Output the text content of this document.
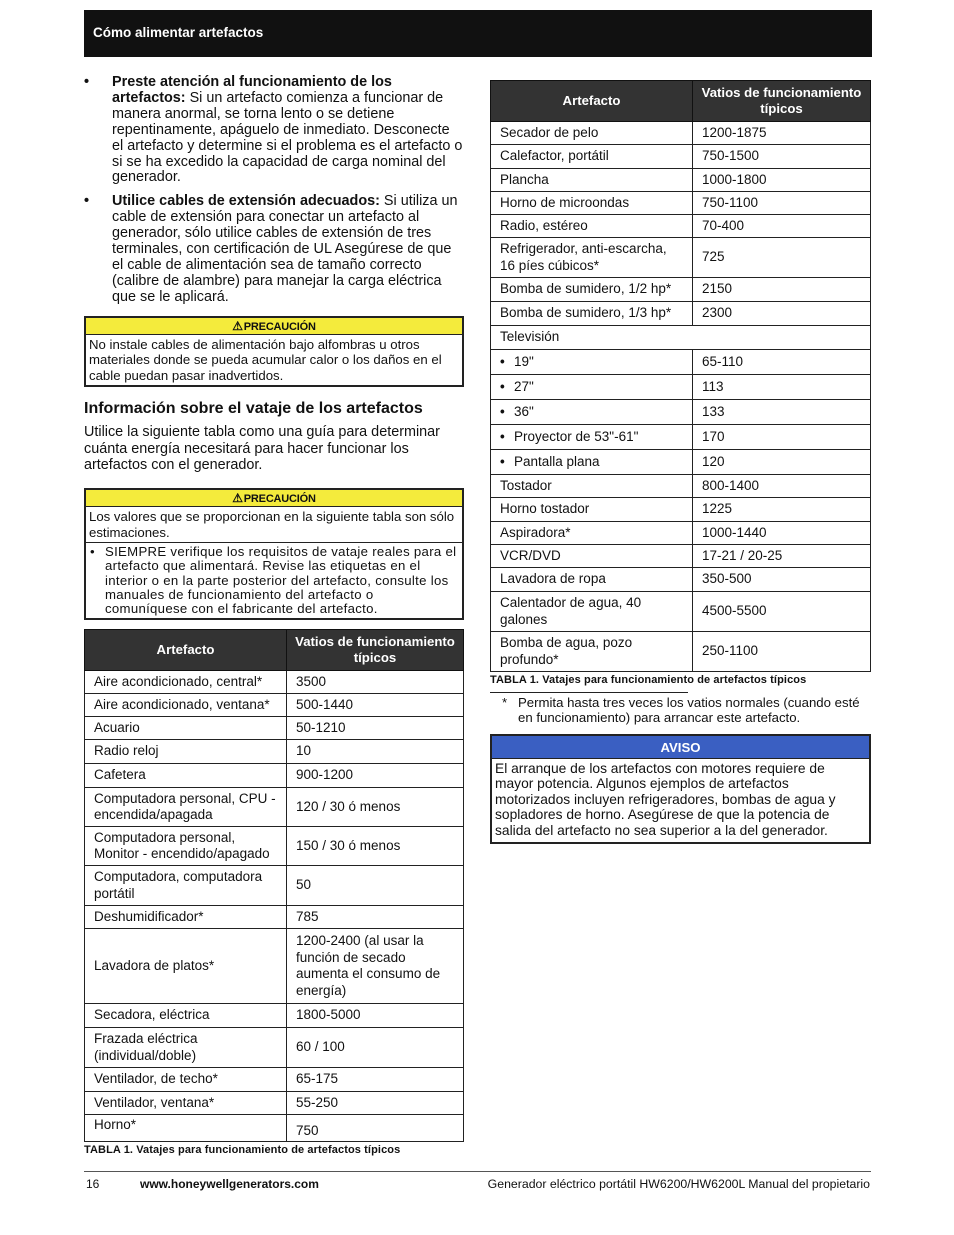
Cómo alimentar artefactos
• Preste atención al funcionamiento de los artefactos: Si un artefacto comienza a funcionar de manera anormal, se torna lento o se detiene repentinamente, apáguelo de inmediato. Desconecte el artefacto y determine si el problema es el artefacto o si se ha excedido la capacidad de carga nominal del generador.
• Utilice cables de extensión adecuados: Si utiliza un cable de extensión para conectar un artefacto al generador, sólo utilice cables de extensión de tres terminales, con certificación de UL Asegúrese de que el cable de alimentación sea de tamaño correcto (calibre de alambre) para manejar la carga eléctrica que se le aplicará.
⚠PRECAUCIÓN
No instale cables de alimentación bajo alfombras u otros materiales donde se pueda acumular calor o los daños en el cable puedan pasar inadvertidos.
Información sobre el vataje de los artefactos
Utilice la siguiente tabla como una guía para determinar cuánta energía necesitará para hacer funcionar los artefactos con el generador.
⚠PRECAUCIÓN
Los valores que se proporcionan en la siguiente tabla son sólo estimaciones.
• SIEMPRE verifique los requisitos de vataje reales para el artefacto que alimentará. Revise las etiquetas en el interior o en la parte posterior del artefacto, consulte los manuales de funcionamiento del artefacto o comuníquese con el fabricante del artefacto.
Artefacto	Vatios de funcionamiento típicos
Aire acondicionado, central*	3500
Aire acondicionado, ventana*	500-1440
Acuario	50-1210
Radio reloj	10
Cafetera	900-1200
Computadora personal, CPU - encendida/apagada	120 / 30 ó menos
Computadora personal, Monitor - encendido/apagado	150 / 30 ó menos
Computadora, computadora portátil	50
Deshumidificador*	785
Lavadora de platos*	1200-2400 (al usar la función de secado aumenta el consumo de energía)
Secadora, eléctrica	1800-5000
Frazada eléctrica (individual/doble)	60 / 100
Ventilador, de techo*	65-175
Ventilador, ventana*	55-250
Horno*	750
TABLA 1. Vatajes para funcionamiento de artefactos típicos
Artefacto	Vatios de funcionamiento típicos
Secador de pelo	1200-1875
Calefactor, portátil	750-1500
Plancha	1000-1800
Horno de microondas	750-1100
Radio, estéreo	70-400
Refrigerador, anti-escarcha, 16 píes cúbicos*	725
Bomba de sumidero, 1/2 hp*	2150
Bomba de sumidero, 1/3 hp*	2300
Televisión	
• 19"	65-110
• 27"	113
• 36"	133
• Proyector de 53"-61"	170
• Pantalla plana	120
Tostador	800-1400
Horno tostador	1225
Aspiradora*	1000-1440
VCR/DVD	17-21 / 20-25
Lavadora de ropa	350-500
Calentador de agua, 40 galones	4500-5500
Bomba de agua, pozo profundo*	250-1100
TABLA 1. Vatajes para funcionamiento de artefactos típicos
* Permita hasta tres veces los vatios normales (cuando esté en funcionamiento) para arrancar este artefacto.
AVISO
El arranque de los artefactos con motores requiere de mayor potencia. Algunos ejemplos de artefactos motorizados incluyen refrigeradores, bombas de agua y sopladores de horno. Asegúrese de que la potencia de salida del artefacto no sea superior a la del generador.
16	www.honeywellgenerators.com	Generador eléctrico portátil HW6200/HW6200L Manual del propietario
